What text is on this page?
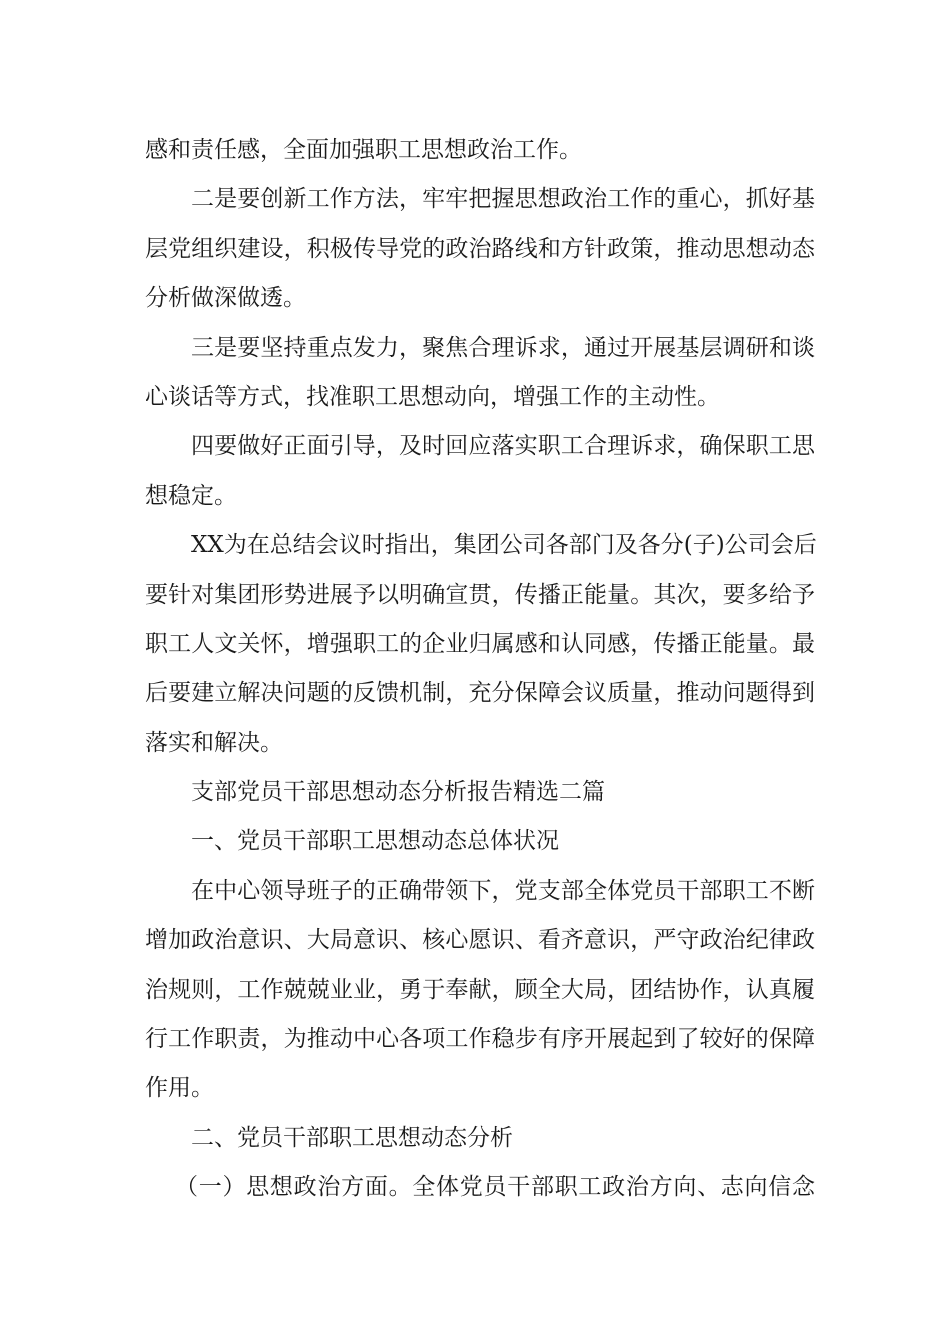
感和责任感，全面加强职工思想政治工作。
二是要创新工作方法，牢牢把握思想政治工作的重心，抓好基
层党组织建设，积极传导党的政治路线和方针政策，推动思想动态
分析做深做透。
三是要坚持重点发力，聚焦合理诉求，通过开展基层调研和谈
心谈话等方式，找准职工思想动向，增强工作的主动性。
四要做好正面引导，及时回应落实职工合理诉求，确保职工思
想稳定。
XX为在总结会议时指出，集团公司各部门及各分(子)公司会后
要针对集团形势进展予以明确宣贯，传播正能量。其次，要多给予
职工人文关怀，增强职工的企业归属感和认同感，传播正能量。最
后要建立解决问题的反馈机制，充分保障会议质量，推动问题得到
落实和解决。
支部党员干部思想动态分析报告精选二篇
一、党员干部职工思想动态总体状况
在中心领导班子的正确带领下，党支部全体党员干部职工不断
增加政治意识、大局意识、核心愿识、看齐意识，严守政治纪律政
治规则，工作兢兢业业，勇于奉献，顾全大局，团结协作，认真履
行工作职责，为推动中心各项工作稳步有序开展起到了较好的保障
作用。
二、党员干部职工思想动态分析
（一）思想政治方面。全体党员干部职工政治方向、志向信念
